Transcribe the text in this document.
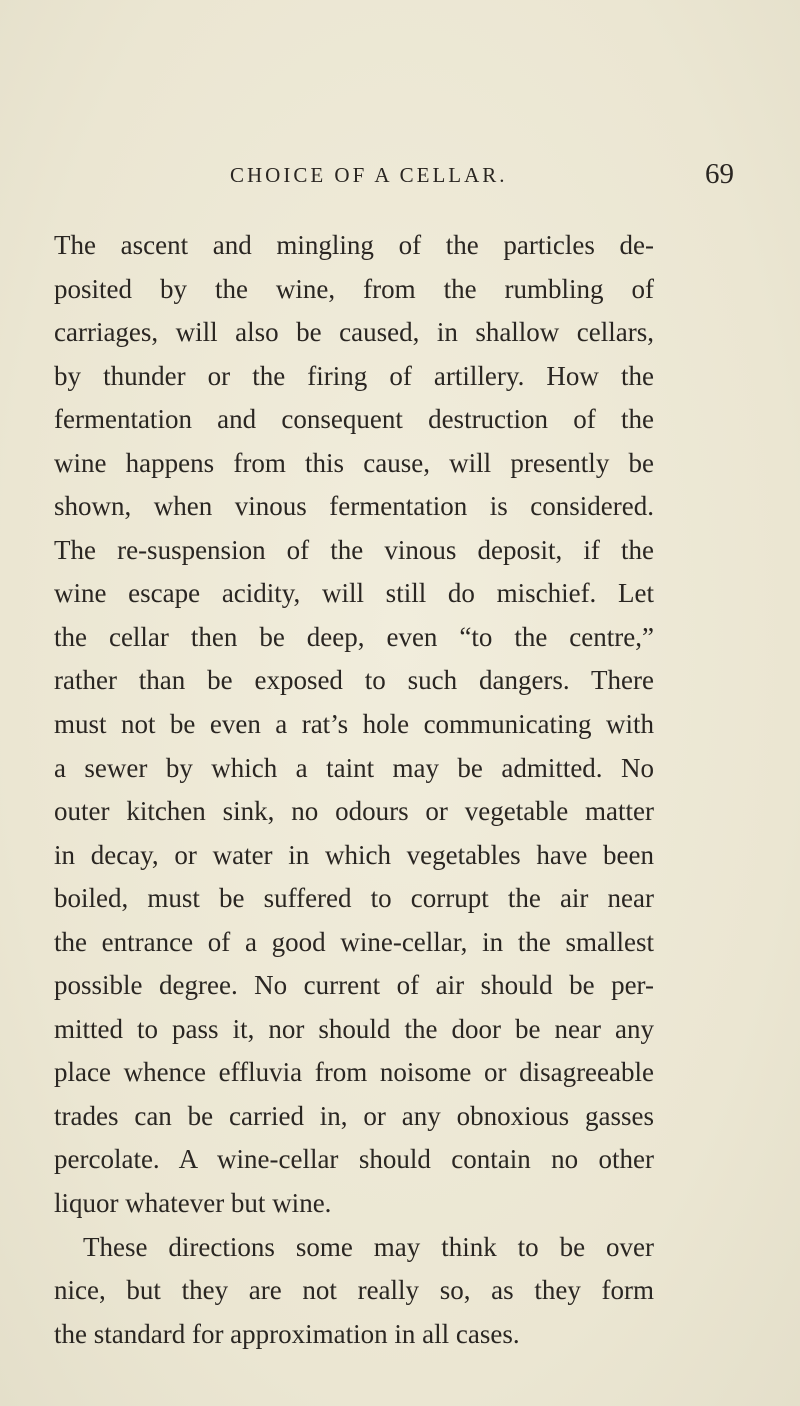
CHOICE OF A CELLAR.	69
The ascent and mingling of the particles de-
posited by the wine, from the rumbling of
carriages, will also be caused, in shallow cellars,
by thunder or the firing of artillery. How the
fermentation and consequent destruction of the
wine happens from this cause, will presently be
shown, when vinous fermentation is considered.
The re-suspension of the vinous deposit, if the
wine escape acidity, will still do mischief. Let
the cellar then be deep, even “to the centre,”
rather than be exposed to such dangers. There
must not be even a rat’s hole communicating with
a sewer by which a taint may be admitted. No
outer kitchen sink, no odours or vegetable matter
in decay, or water in which vegetables have been
boiled, must be suffered to corrupt the air near
the entrance of a good wine-cellar, in the smallest
possible degree. No current of air should be per-
mitted to pass it, nor should the door be near any
place whence effluvia from noisome or disagreeable
trades can be carried in, or any obnoxious gasses
percolate. A wine-cellar should contain no other
liquor whatever but wine.
These directions some may think to be over
nice, but they are not really so, as they form
the standard for approximation in all cases.
